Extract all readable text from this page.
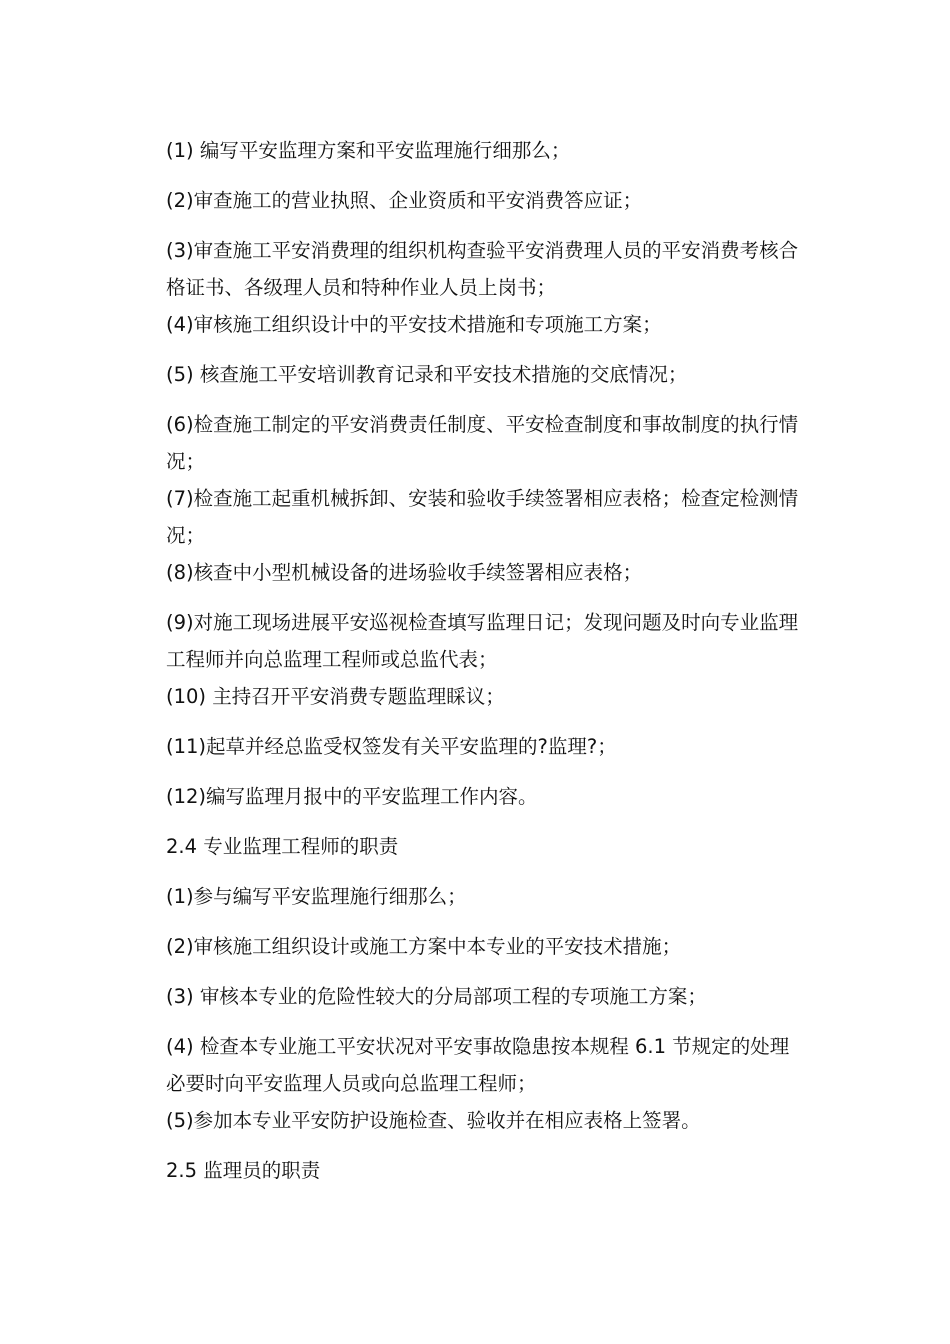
(1) 编写平安监理方案和平安监理施行细那么；

(2)审查施工的营业执照、企业资质和平安消费答应证；

(3)审查施工平安消费理的组织机构查验平安消费理人员的平安消费考核合格证书、各级理人员和特种作业人员上岗书；

(4)审核施工组织设计中的平安技术措施和专项施工方案；

(5) 核查施工平安培训教育记录和平安技术措施的交底情况；

(6)检查施工制定的平安消费责任制度、平安检查制度和事故制度的执行情况；

(7)检查施工起重机械拆卸、安装和验收手续签署相应表格；检查定检测情况；

(8)核查中小型机械设备的进场验收手续签署相应表格；

(9)对施工现场进展平安巡视检查填写监理日记；发现问题及时向专业监理工程师并向总监理工程师或总监代表；

(10) 主持召开平安消费专题监理睬议；

(11)起草并经总监受权签发有关平安监理的?监理?；

(12)编写监理月报中的平安监理工作内容。

2.4 专业监理工程师的职责

(1)参与编写平安监理施行细那么；

(2)审核施工组织设计或施工方案中本专业的平安技术措施；

(3) 审核本专业的危险性较大的分局部项工程的专项施工方案；

(4) 检查本专业施工平安状况对平安事故隐患按本规程 6.1 节规定的处理必要时向平安监理人员或向总监理工程师；

(5)参加本专业平安防护设施检查、验收并在相应表格上签署。

2.5 监理员的职责
